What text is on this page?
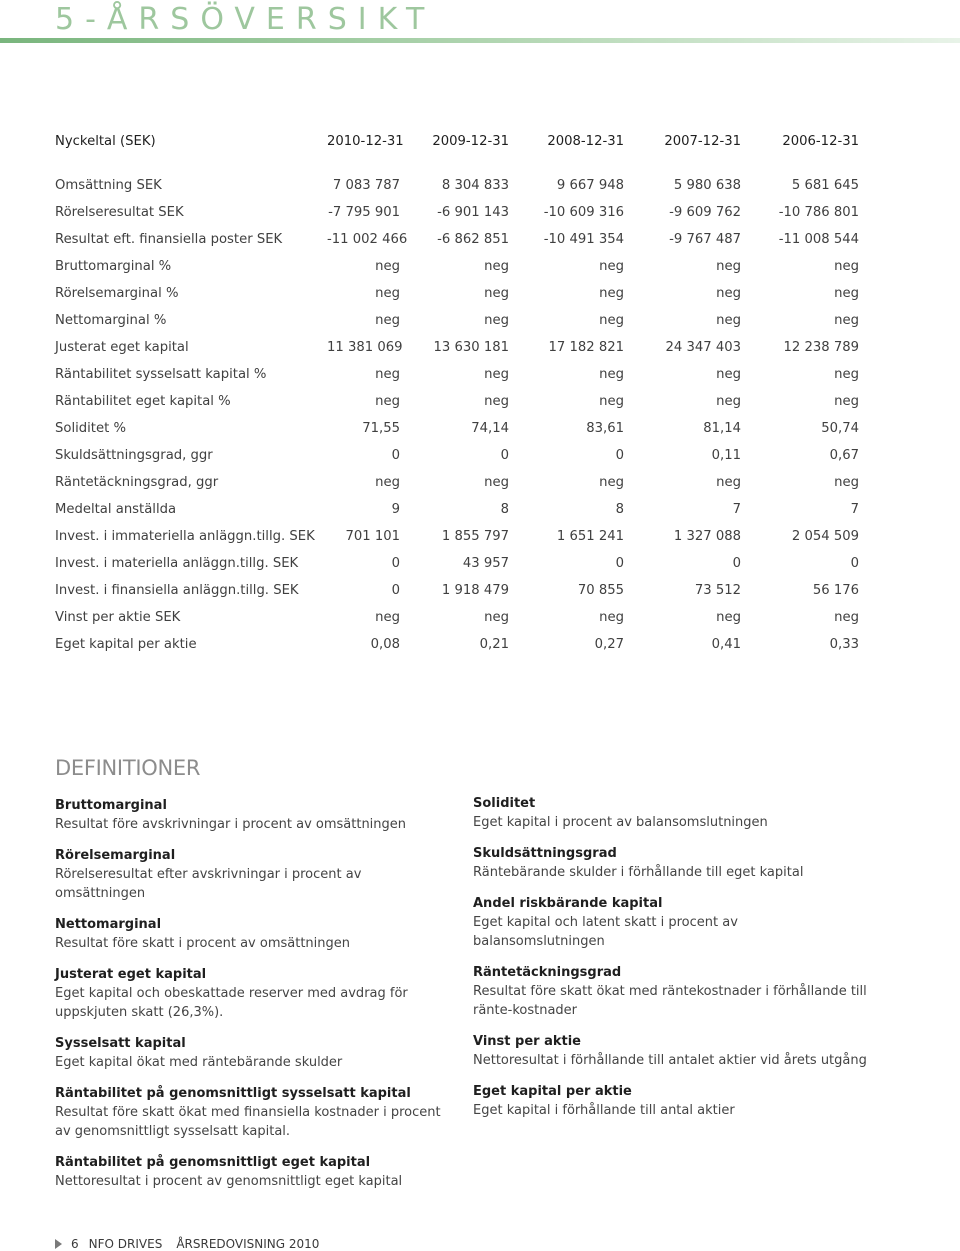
5-ÅRSÖVERSIKT
Nyckeltal (SEK)	2010-12-31	2009-12-31	2008-12-31	2007-12-31	2006-12-31
Omsättning SEK	7 083 787	8 304 833	9 667 948	5 980 638	5 681 645
Rörelseresultat SEK	-7 795 901	-6 901 143	-10 609 316	-9 609 762	-10 786 801
Resultat eft. finansiella poster SEK	-11 002 466	-6 862 851	-10 491 354	-9 767 487	-11 008 544
Bruttomarginal %	neg	neg	neg	neg	neg
Rörelsemarginal %	neg	neg	neg	neg	neg
Nettomarginal %	neg	neg	neg	neg	neg
Justerat eget kapital	11 381 069	13 630 181	17 182 821	24 347 403	12 238 789
Räntabilitet sysselsatt kapital %	neg	neg	neg	neg	neg
Räntabilitet eget kapital %	neg	neg	neg	neg	neg
Soliditet %	71,55	74,14	83,61	81,14	50,74
Skuldsättningsgrad, ggr	0	0	0	0,11	0,67
Räntetäckningsgrad, ggr	neg	neg	neg	neg	neg
Medeltal anställda	9	8	8	7	7
Invest. i immateriella anläggn.tillg. SEK	701 101	1 855 797	1 651 241	1 327 088	2 054 509
Invest. i materiella anläggn.tillg. SEK	0	43 957	0	0	0
Invest. i finansiella anläggn.tillg. SEK	0	1 918 479	70 855	73 512	56 176
Vinst per aktie SEK	neg	neg	neg	neg	neg
Eget kapital per aktie	0,08	0,21	0,27	0,41	0,33
DEFINITIONER
Bruttomarginal
Resultat före avskrivningar i procent av omsättningen
Rörelsemarginal
Rörelseresultat efter avskrivningar i procent av omsättningen
Nettomarginal
Resultat före skatt i procent av omsättningen
Justerat eget kapital
Eget kapital och obeskattade reserver med avdrag för uppskjuten skatt (26,3%).
Sysselsatt kapital
Eget kapital ökat med räntebärande skulder
Räntabilitet på genomsnittligt sysselsatt kapital
Resultat före skatt ökat med finansiella kostnader i procent av genomsnittligt sysselsatt kapital.
Räntabilitet på genomsnittligt eget kapital
Nettoresultat i procent av genomsnittligt eget kapital
Soliditet
Eget kapital i procent av balansomslutningen
Skuldsättningsgrad
Räntebärande skulder i förhållande till eget kapital
Andel riskbärande kapital
Eget kapital och latent skatt i procent av balansomslutningen
Räntetäckningsgrad
Resultat före skatt ökat med räntekostnader i förhållande till ränte-kostnader
Vinst per aktie
Nettoresultat i förhållande till antalet aktier vid årets utgång
Eget kapital per aktie
Eget kapital i förhållande till antal aktier
6 NFO DRIVES ÅRSREDOVISNING 2010
